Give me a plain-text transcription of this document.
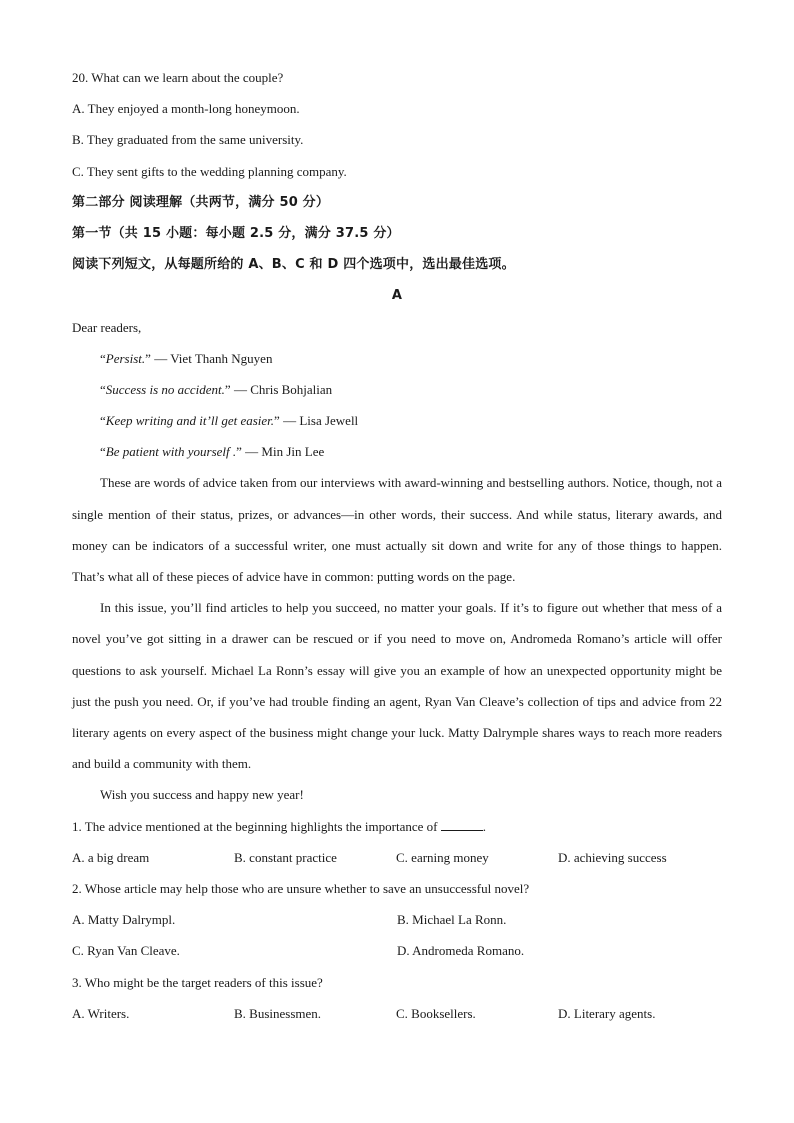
20. What can we learn about the couple?
A. They enjoyed a month-long honeymoon.
B. They graduated from the same university.
C. They sent gifts to the wedding planning company.
第二部分 阅读理解（共两节，满分 50 分）
第一节（共 15 小题：每小题 2.5 分，满分 37.5 分）
阅读下列短文，从每题所给的 A、B、C 和 D 四个选项中，选出最佳选项。
A
Dear readers,
“Persist.” — Viet Thanh Nguyen
“Success is no accident.” — Chris Bohjalian
“Keep writing and it’ll get easier.” — Lisa Jewell
“Be patient with yourself .” — Min Jin Lee

These are words of advice taken from our interviews with award-winning and bestselling authors. Notice, though, not a single mention of their status, prizes, or advances—in other words, their success. And while status, literary awards, and money can be indicators of a successful writer, one must actually sit down and write for any of those things to happen. That’s what all of these pieces of advice have in common: putting words on the page.

In this issue, you’ll find articles to help you succeed, no matter your goals. If it’s to figure out whether that mess of a novel you’ve got sitting in a drawer can be rescued or if you need to move on, Andromeda Romano’s article will offer questions to ask yourself. Michael La Ronn’s essay will give you an example of how an unexpected opportunity might be just the push you need. Or, if you’ve had trouble finding an agent, Ryan Van Cleave’s collection of tips and advice from 22 literary agents on every aspect of the business might change your luck. Matty Dalrymple shares ways to reach more readers and build a community with them.

Wish you success and happy new year!
1. The advice mentioned at the beginning highlights the importance of	.
A. a big dream	B. constant practice	C. earning money	D. achieving success
2. Whose article may help those who are unsure whether to save an unsuccessful novel?
A. Matty Dalrympl.	B. Michael La Ronn.
C. Ryan Van Cleave.	D. Andromeda Romano.
3. Who might be the target readers of this issue?
A. Writers.	B. Businessmen.	C. Booksellers.	D. Literary agents.
